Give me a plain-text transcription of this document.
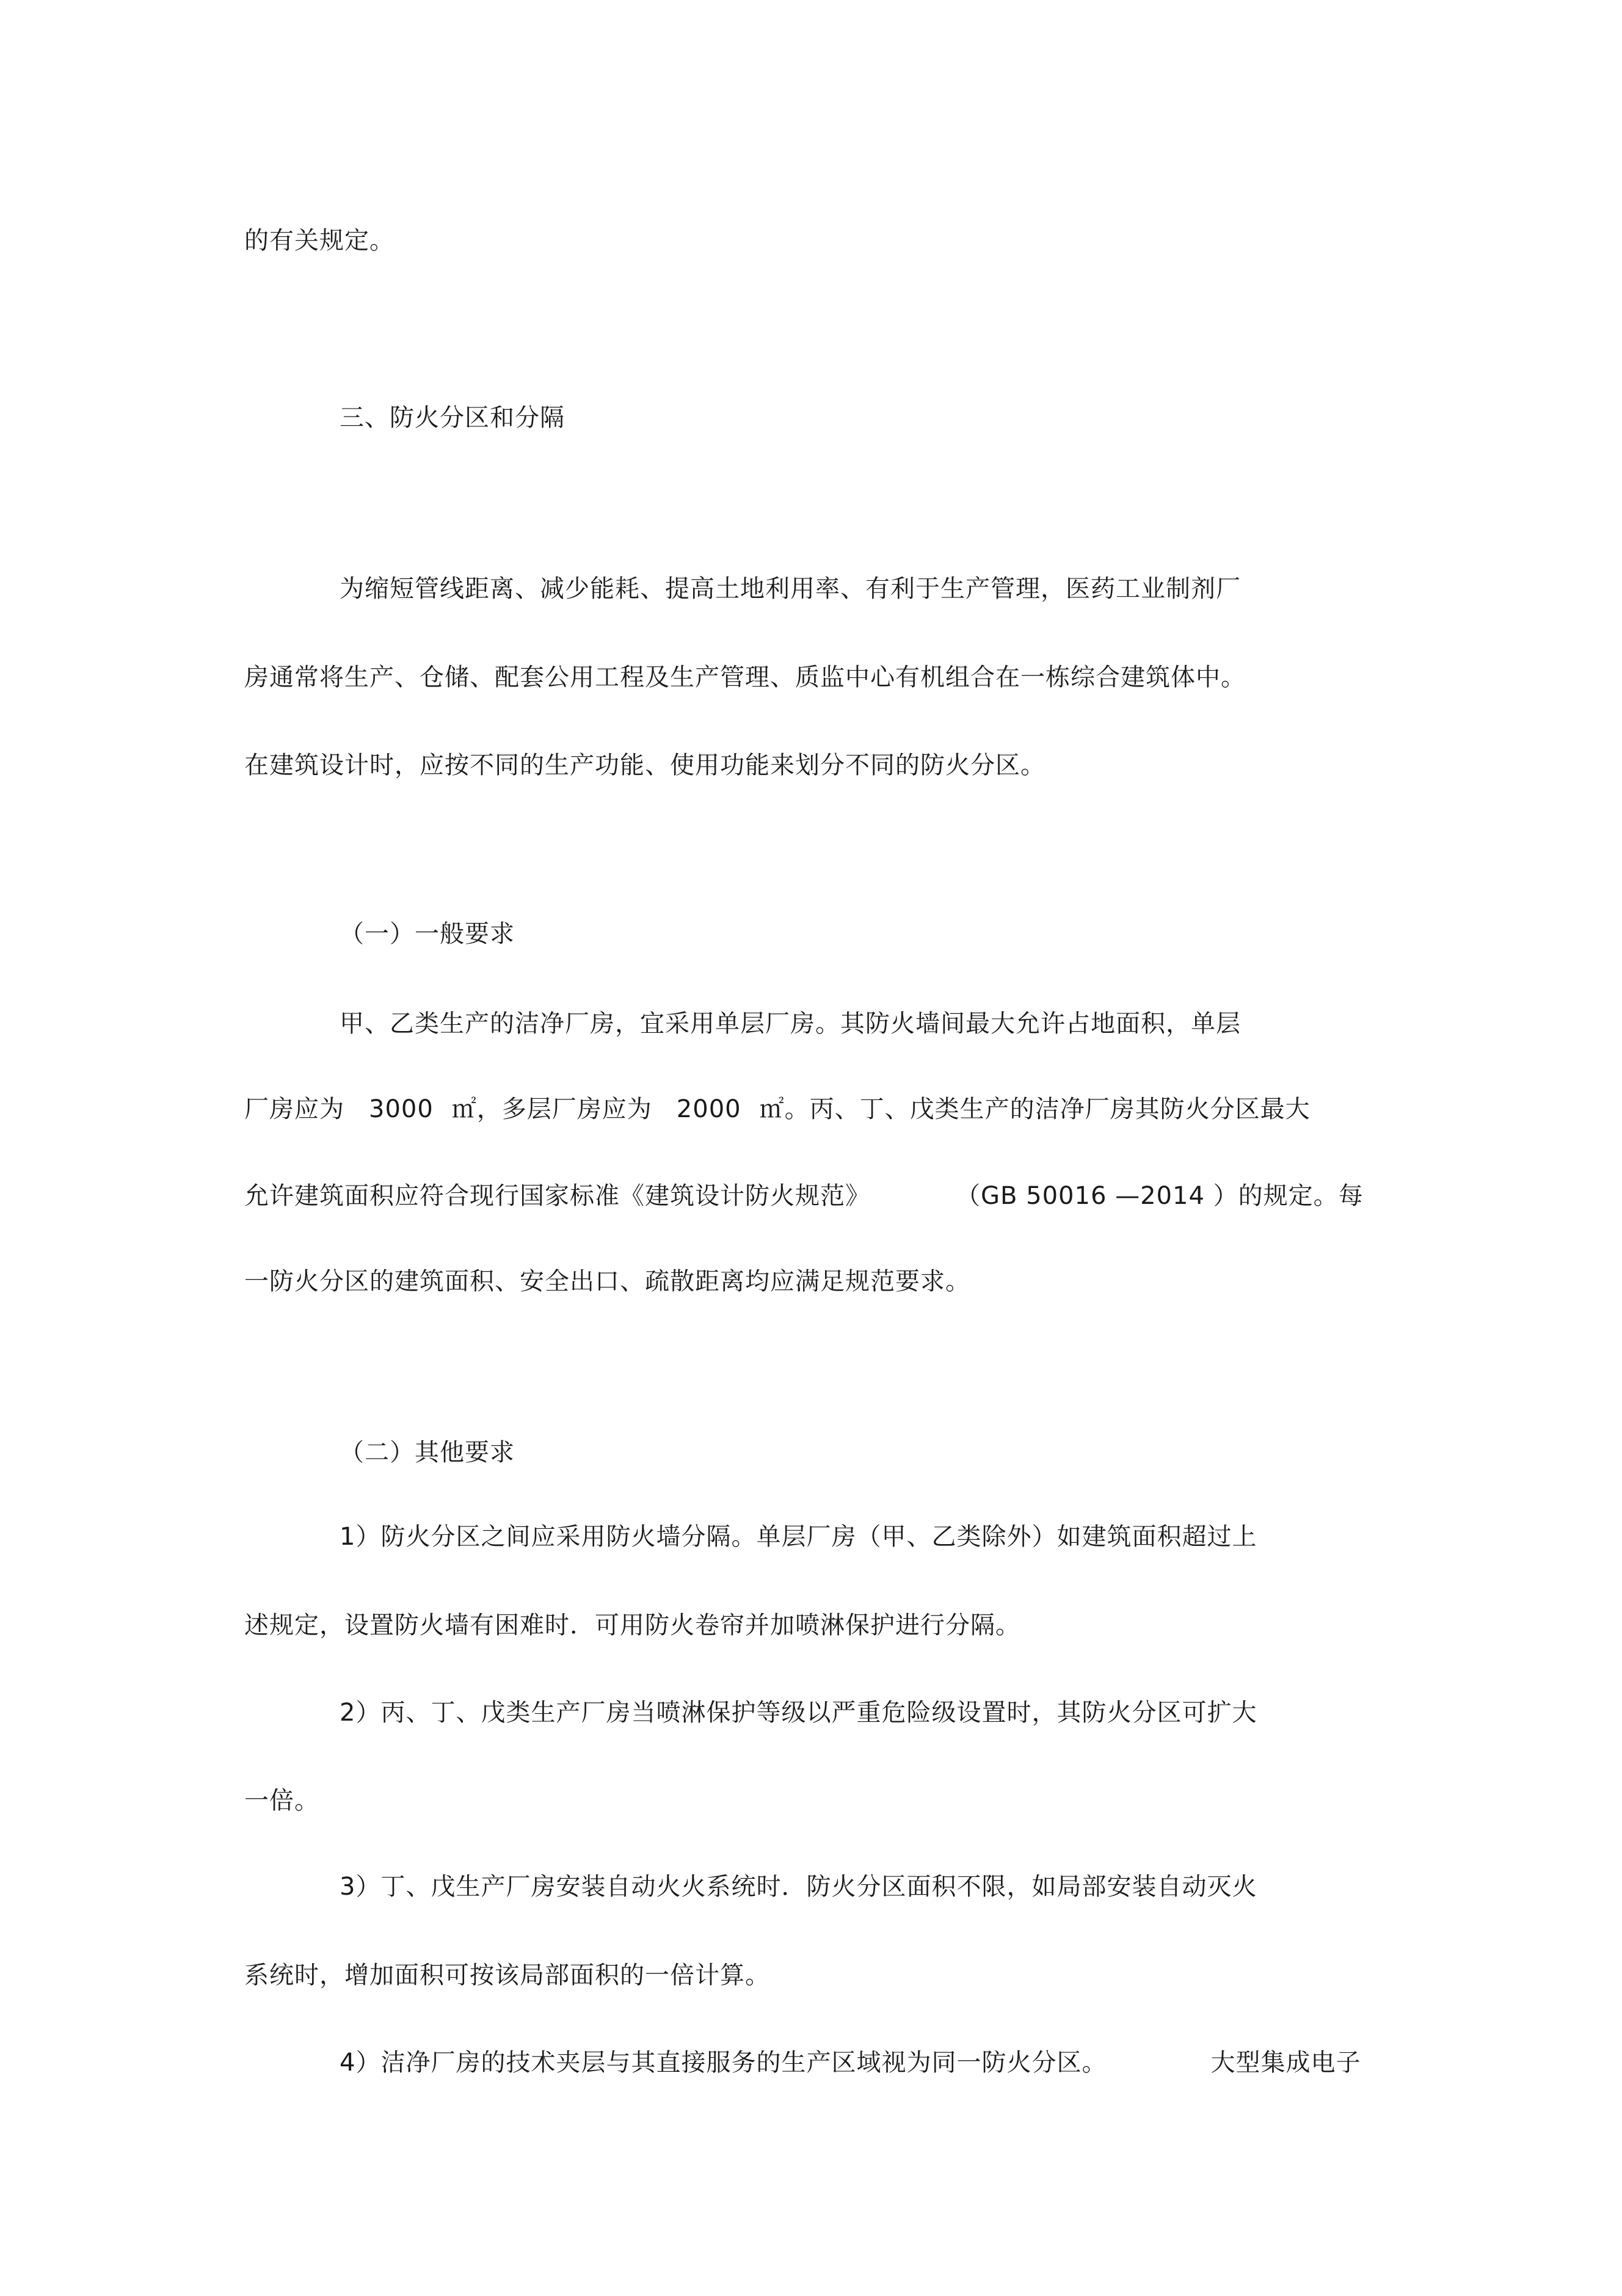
的有关规定。
三、防火分区和分隔
为缩短管线距离、减少能耗、提高土地利用率、有利于生产管理，医药工业制剂厂
房通常将生产、仓储、配套公用工程及生产管理、质监中心有机组合在一栋综合建筑体中。
在建筑设计时，应按不同的生产功能、使用功能来划分不同的防火分区。
（一）一般要求
甲、乙类生产的洁净厂房，宜采用单层厂房。其防火墙间最大允许占地面积，单层
厂房应为 3000 ㎡，多层厂房应为 2000 ㎡。丙、丁、戊类生产的洁净厂房其防火分区最大
允许建筑面积应符合现行国家标准《建筑设计防火规范》	（GB 50016 —2014 ）的规定。每
一防火分区的建筑面积、安全出口、疏散距离均应满足规范要求。
（二）其他要求
1）防火分区之间应采用防火墙分隔。单层厂房（甲、乙类除外）如建筑面积超过上
述规定，设置防火墙有困难时．可用防火卷帘并加喷淋保护进行分隔。
2）丙、丁、戊类生产厂房当喷淋保护等级以严重危险级设置时，其防火分区可扩大
一倍。
3）丁、戊生产厂房安装自动火火系统时．防火分区面积不限，如局部安装自动灭火
系统时，增加面积可按该局部面积的一倍计算。
4）洁净厂房的技术夹层与其直接服务的生产区域视为同一防火分区。	大型集成电子
